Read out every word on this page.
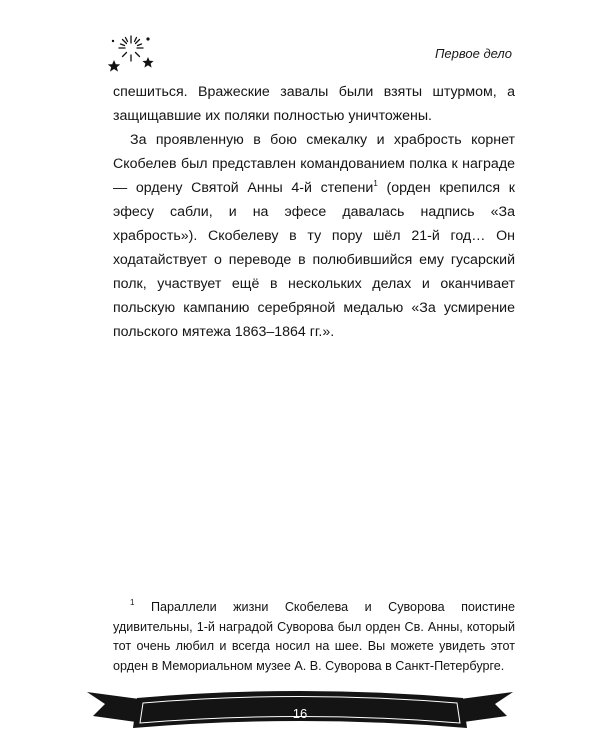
Первое дело

спешиться. Вражеские завалы были взяты штурмом, а защищавшие их поляки полностью уничтожены.

За проявленную в бою смекалку и храбрость корнет Скобелев был представлен командованием полка к награде — ордену Святой Анны 4-й степени$^1$ (орден крепился к эфесу сабли, и на эфесе давалась надпись «За храбрость»). Скобелеву в ту пору шёл 21-й год… Он ходатайствует о переводе в полюбившийся ему гусарский полк, участвует ещё в нескольких делах и оканчивает польскую кампанию серебряной медалью «За усмирение польского мятежа 1863–1864 гг.».

$^1$ Параллели жизни Скобелева и Суворова поистине удивительны, 1-й наградой Суворова был орден Св. Анны, который тот очень любил и всегда носил на шее. Вы можете увидеть этот орден в Мемориальном музее А. В. Суворова в Санкт-Петербурге.

16
